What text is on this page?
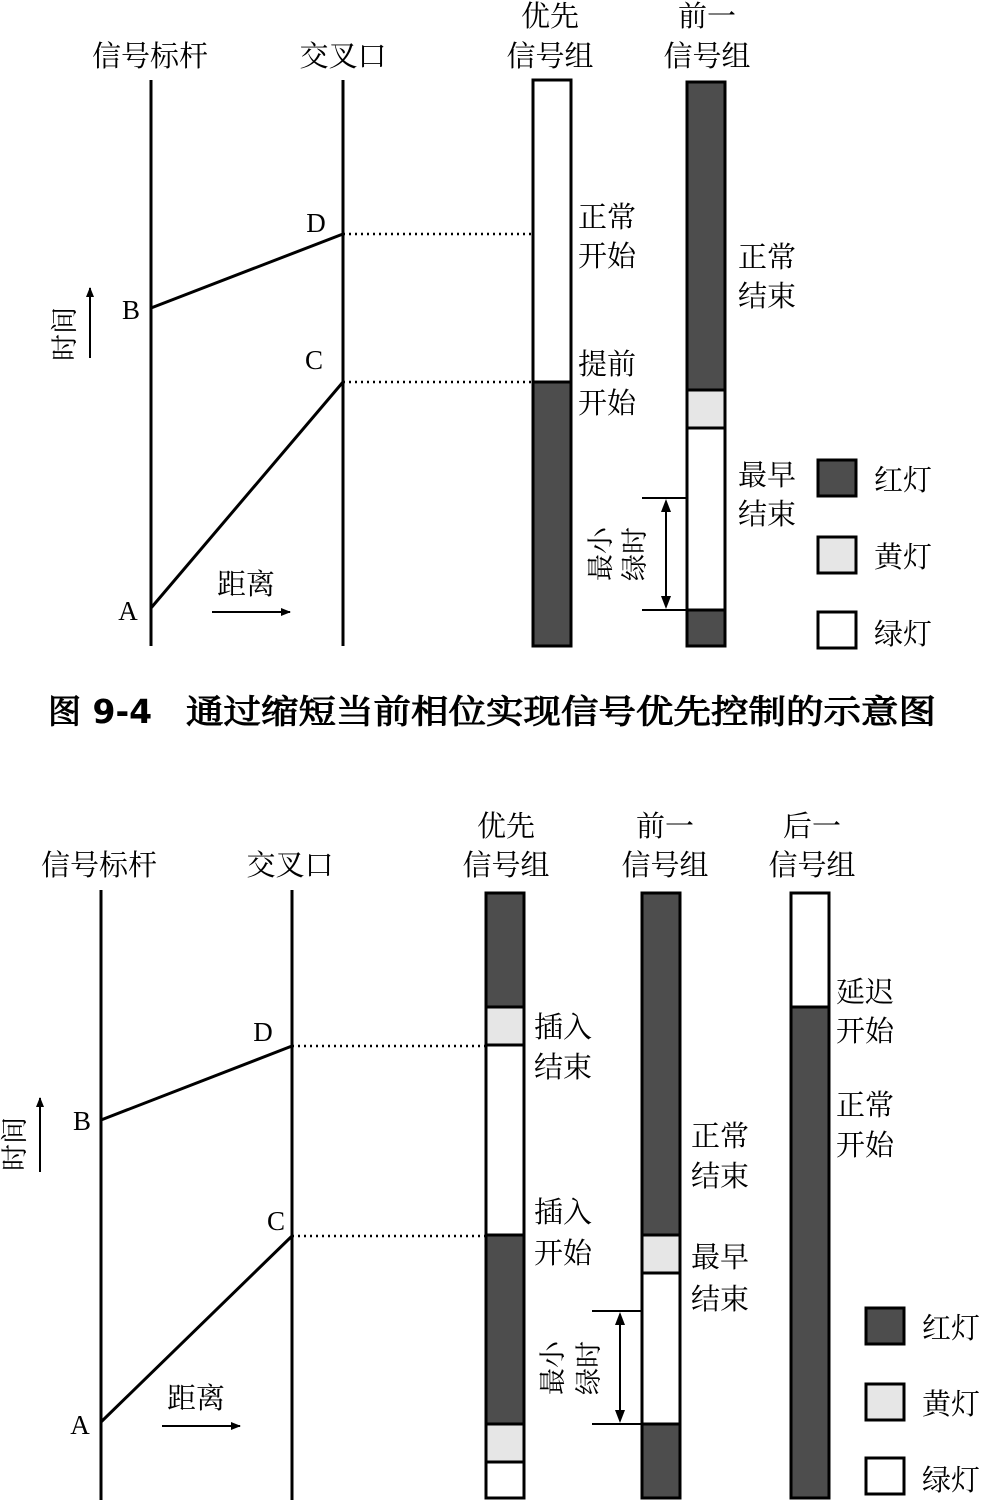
信号标杆	交叉口
优先
信号组
前一
信号组
A
B
C
D
时间
距离
正常
开始
提前
开始
正常
结束
最早
结束
最小 绿时
红灯
黄灯
绿灯
图 9-4 通过缩短当前相位实现信号优先控制的示意图
信号标杆	交叉口
优先
信号组
前一
信号组
后一
信号组
A
B
C
D
时间
距离
插入
结束
插入
开始
正常
结束
最早
结束
延迟
开始
正常
开始
最小 绿时
红灯
黄灯
绿灯
